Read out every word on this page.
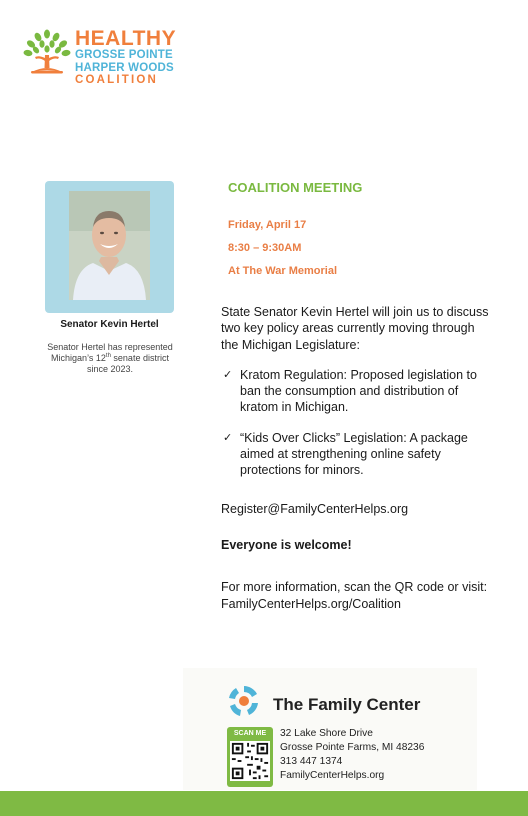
HEALTHY
GROSSE POINTE
HARPER WOODS
COALITION
Senator Kevin Hertel
Senator Hertel has represented Michigan’s 12th senate district since 2023.
COALITION MEETING
Friday, April 17
8:30 – 9:30AM
At The War Memorial

State Senator Kevin Hertel will join us to discuss two key policy areas currently moving through the Michigan Legislature:

✓ Kratom Regulation: Proposed legislation to ban the consumption and distribution of kratom in Michigan.
✓ “Kids Over Clicks” Legislation: A package aimed at strengthening online safety protections for minors.
Register@FamilyCenterHelps.org
Everyone is welcome!
For more information, scan the QR code or visit: FamilyCenterHelps.org/Coalition
The Family Center
SCAN ME	32 Lake Shore Drive
Grosse Pointe Farms, MI 48236
313 447 1374
FamilyCenterHelps.org
